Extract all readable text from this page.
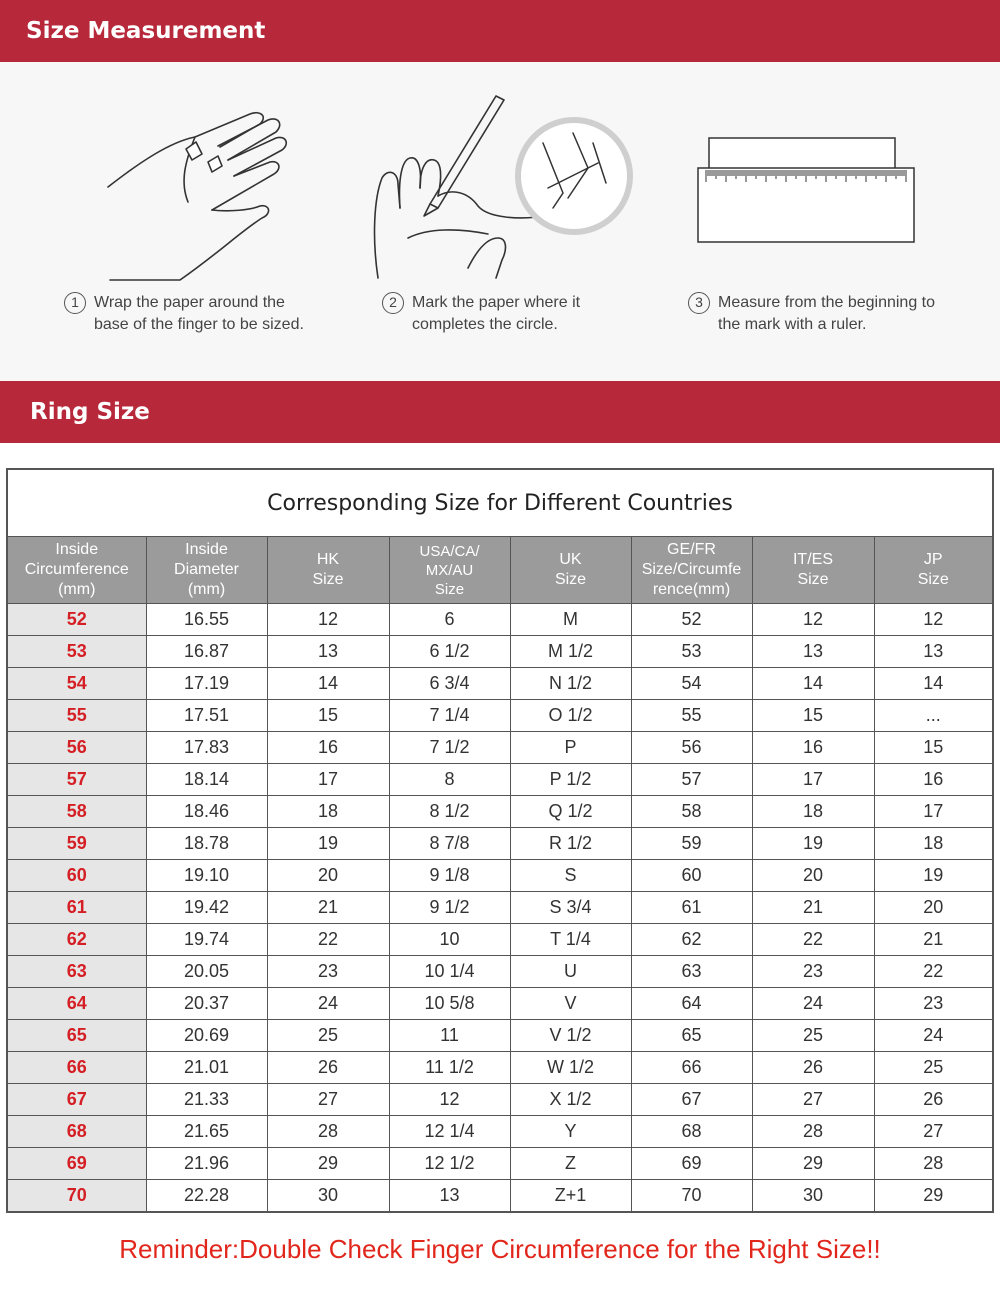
Size Measurement
1 Wrap the paper around the
base of the finger to be sized.
2 Mark the paper where it
completes the circle.
3 Measure from the beginning to
the mark with a ruler.
Ring Size
Corresponding Size for Different Countries
Inside
Circumference
(mm)	Inside
Diameter
(mm)	HK
Size	USA/CA/
MX/AU
Size	UK
Size	GE/FR
Size/Circumfe
rence(mm)	IT/ES
Size	JP
Size
52	16.55	12	6	M	52	12	12
53	16.87	13	6 1/2	M 1/2	53	13	13
54	17.19	14	6 3/4	N 1/2	54	14	14
55	17.51	15	7 1/4	O 1/2	55	15	...
56	17.83	16	7 1/2	P	56	16	15
57	18.14	17	8	P 1/2	57	17	16
58	18.46	18	8 1/2	Q 1/2	58	18	17
59	18.78	19	8 7/8	R 1/2	59	19	18
60	19.10	20	9 1/8	S	60	20	19
61	19.42	21	9 1/2	S 3/4	61	21	20
62	19.74	22	10	T 1/4	62	22	21
63	20.05	23	10 1/4	U	63	23	22
64	20.37	24	10 5/8	V	64	24	23
65	20.69	25	11	V 1/2	65	25	24
66	21.01	26	11 1/2	W 1/2	66	26	25
67	21.33	27	12	X 1/2	67	27	26
68	21.65	28	12 1/4	Y	68	28	27
69	21.96	29	12 1/2	Z	69	29	28
70	22.28	30	13	Z+1	70	30	29
Reminder:Double Check Finger Circumference for the Right Size!!
